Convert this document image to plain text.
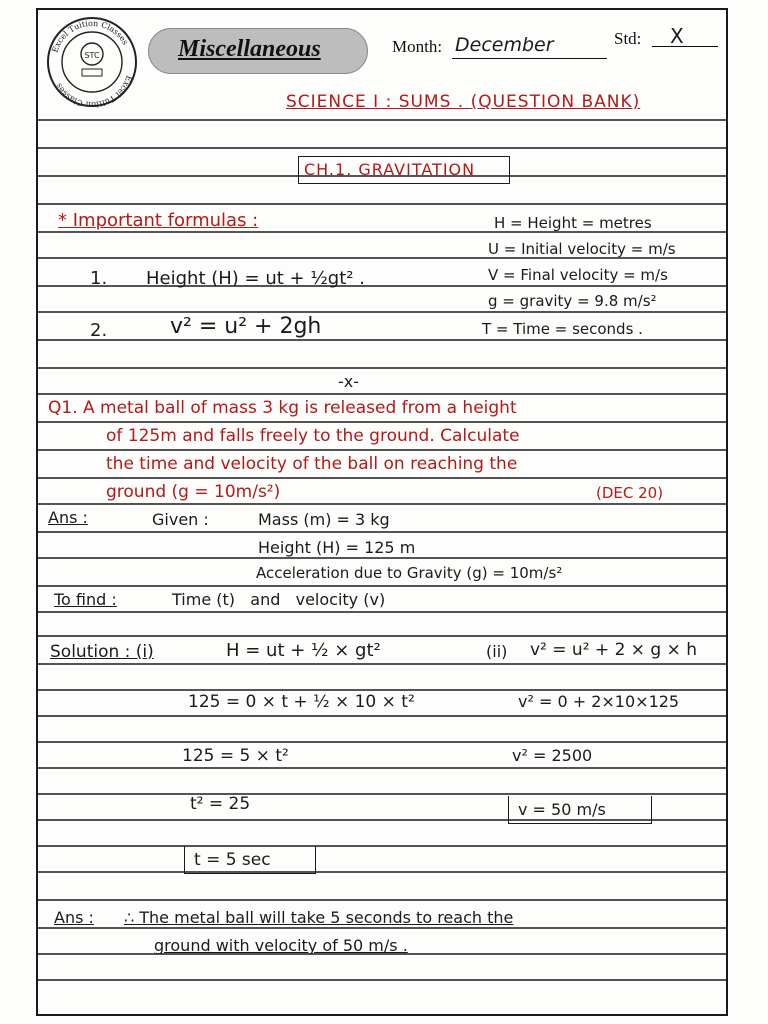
STC
Excel Tuition Classes
Excel Tuition Classes
Miscellaneous	Month: December	Std: X
SCIENCE I : SUMS . (QUESTION BANK)
CH.1. GRAVITATION
* Important formulas :
1. Height (H) = ut + ½gt² .
2.	v² = u² + 2gh
H = Height = metres
U = Initial velocity = m/s
V = Final velocity = m/s
g = gravity = 9.8 m/s²
T = Time = seconds .
-x-
Q1. A metal ball of mass 3 kg is released from a height
of 125m and falls freely to the ground. Calculate
the time and velocity of the ball on reaching the
ground (g = 10m/s²)	(DEC 20)
Ans :	Given :	Mass (m) = 3 kg
Height (H) = 125 m
Acceleration due to Gravity (g) = 10m/s²
To find :	Time (t)   and   velocity (v)
Solution : (i)	H = ut + ½ × gt²
125 = 0 × t + ½ × 10 × t²
125 = 5 × t²
t² = 25
t = 5 sec
(ii) v² = u² + 2 × g × h
v² = 0 + 2×10×125
v² = 2500
v = 50 m/s
Ans : ∴ The metal ball will take 5 seconds to reach the
ground with velocity of 50 m/s .
